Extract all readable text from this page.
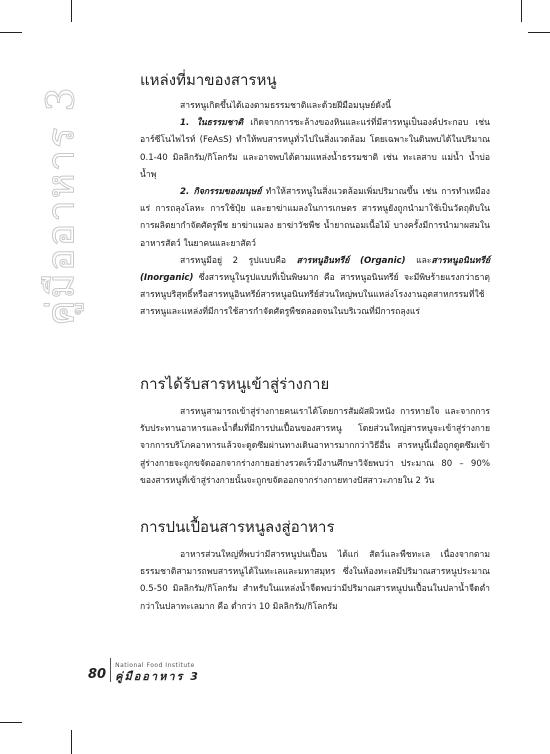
คู่มืออาหาร 3
แหล่งที่มาของสารหนู

สารหนูเกิดขึ้นได้เองตามธรรมชาติและด้วยฝีมือมนุษย์ดังนี้

1. ในธรรมชาติ เกิดจากการชะล้างของหินและแร่ที่มีสารหนูเป็นองค์ประกอบ เช่น อาร์ซีโนไพไรท์ (FeAsS) ทำให้พบสารหนูทั่วไปในสิ่งแวดล้อม โดยเฉพาะในดินพบได้ในปริมาณ 0.1-40 มิลลิกรัม/กิโลกรัม และอาจพบได้ตามแหล่งน้ำธรรมชาติ เช่น ทะเลสาบ แม่น้ำ น้ำบ่อ น้ำพุ

2. กิจกรรมของมนุษย์ ทำให้สารหนูในสิ่งแวดล้อมเพิ่มปริมาณขึ้น เช่น การทำเหมืองแร่ การถลุงโลหะ การใช้ปุ๋ย และยาฆ่าแมลงในการเกษตร สารหนูยังถูกนำมาใช้เป็นวัตถุดิบในการผลิตยากำจัดศัตรูพืช ยาฆ่าแมลง ยาฆ่าวัชพืช น้ำยาถนอมเนื้อไม้ บางครั้งมีการนำมาผสมในอาหารสัตว์ ในยาคนและยาสัตว์

สารหนูมีอยู่ 2 รูปแบบคือ สารหนูอินทรีย์ (Organic) และสารหนูอนินทรีย์ (Inorganic) ซึ่งสารหนูในรูปแบบที่เป็นพิษมาก คือ สารหนูอนินทรีย์ จะมีพิษร้ายแรงกว่าธาตุสารหนูบริสุทธิ์หรือสารหนูอินทรีย์สารหนูอนินทรีย์ส่วนใหญ่พบในแหล่งโรงงานอุตสาหกรรมที่ใช้สารหนูและแหล่งที่มีการใช้สารกำจัดศัตรูพืชตลอดจนในบริเวณที่มีการถลุงแร่

การได้รับสารหนูเข้าสู่ร่างกาย

สารหนูสามารถเข้าสู่ร่างกายคนเราได้โดยการสัมผัสผิวหนัง การหายใจ และจากการรับประทานอาหารและน้ำดื่มที่มีการปนเปื้อนของสารหนู โดยส่วนใหญ่สารหนูจะเข้าสู่ร่างกายจากการบริโภคอาหารแล้วจะดูดซึมผ่านทางเดินอาหารมากกว่าวิธีอื่น สารหนูนี้เมื่อถูกดูดซึมเข้าสู่ร่างกายจะถูกขจัดออกจากร่างกายอย่างรวดเร็วมีงานศึกษาวิจัยพบว่า ประมาณ 80 – 90% ของสารหนูที่เข้าสู่ร่างกายนั้นจะถูกขจัดออกจากร่างกายทางปัสสาวะภายใน 2 วัน

การปนเปื้อนสารหนูลงสู่อาหาร

อาหารส่วนใหญ่ที่พบว่ามีสารหนูปนเปื้อน ได้แก่ สัตว์และพืชทะเล เนื่องจากตามธรรมชาติสามารถพบสารหนูได้ในทะเลและมหาสมุทร ซึ่งในห้องทะเลมีปริมาณสารหนูประมาณ 0.5-50 มิลลิกรัม/กิโลกรัม สำหรับในแหล่งน้ำจืดพบว่ามีปริมาณสารหนูปนเปื้อนในปลาน้ำจืดต่ำกว่าในปลาทะเลมาก คือ ต่ำกว่า 10 มิลลิกรัม/กิโลกรัม

80
National Food Institute
คู่มืออาหาร 3
